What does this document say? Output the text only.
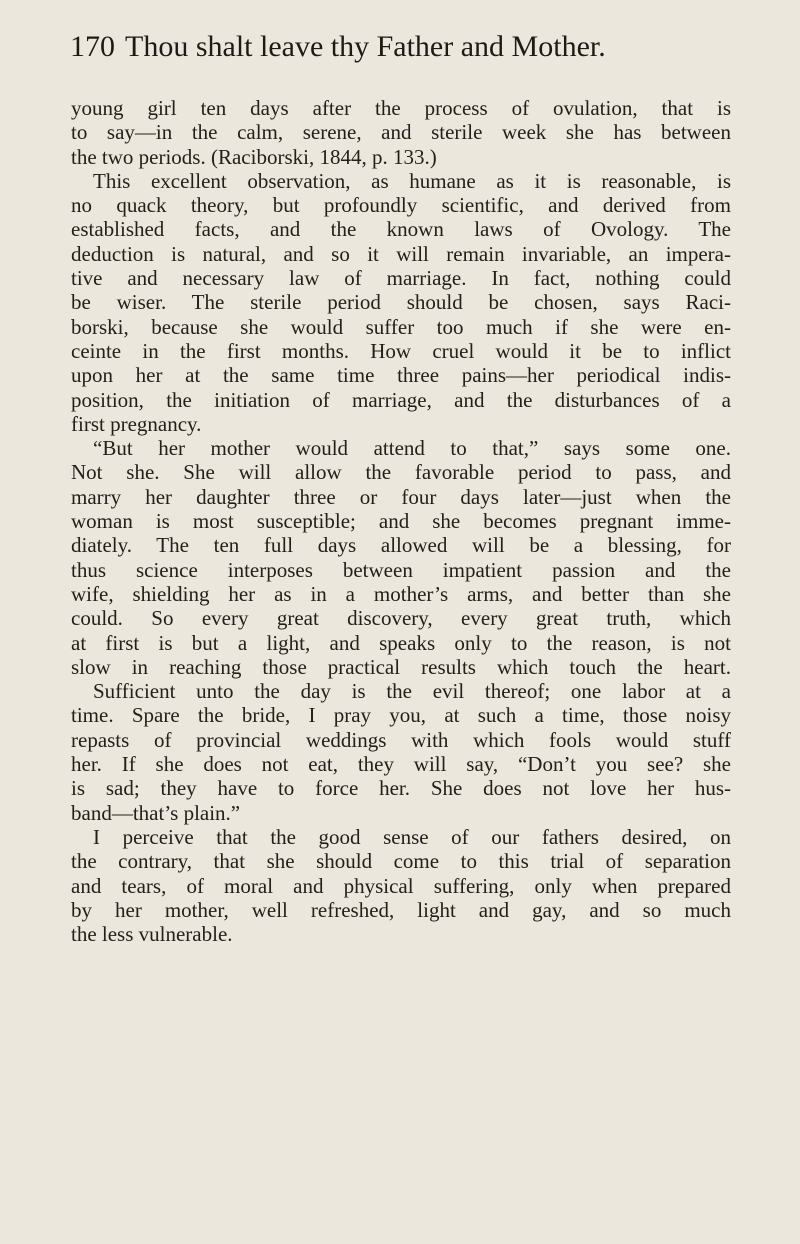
170 Thou shalt leave thy Father and Mother.
young girl ten days after the process of ovulation, that is
to say—in the calm, serene, and sterile week she has between
the two periods. (Raciborski, 1844, p. 133.)
This excellent observation, as humane as it is reasonable, is
no quack theory, but profoundly scientific, and derived from
established facts, and the known laws of Ovology. The
deduction is natural, and so it will remain invariable, an impera-
tive and necessary law of marriage. In fact, nothing could
be wiser. The sterile period should be chosen, says Raci-
borski, because she would suffer too much if she were en-
ceinte in the first months. How cruel would it be to inflict
upon her at the same time three pains—her periodical indis-
position, the initiation of marriage, and the disturbances of a
first pregnancy.
“But her mother would attend to that,” says some one.
Not she. She will allow the favorable period to pass, and
marry her daughter three or four days later—just when the
woman is most susceptible; and she becomes pregnant imme-
diately. The ten full days allowed will be a blessing, for
thus science interposes between impatient passion and the
wife, shielding her as in a mother’s arms, and better than she
could. So every great discovery, every great truth, which
at first is but a light, and speaks only to the reason, is not
slow in reaching those practical results which touch the heart.
Sufficient unto the day is the evil thereof; one labor at a
time. Spare the bride, I pray you, at such a time, those noisy
repasts of provincial weddings with which fools would stuff
her. If she does not eat, they will say, “Don’t you see? she
is sad; they have to force her. She does not love her hus-
band—that’s plain.”
I perceive that the good sense of our fathers desired, on
the contrary, that she should come to this trial of separation
and tears, of moral and physical suffering, only when prepared
by her mother, well refreshed, light and gay, and so much
the less vulnerable.
